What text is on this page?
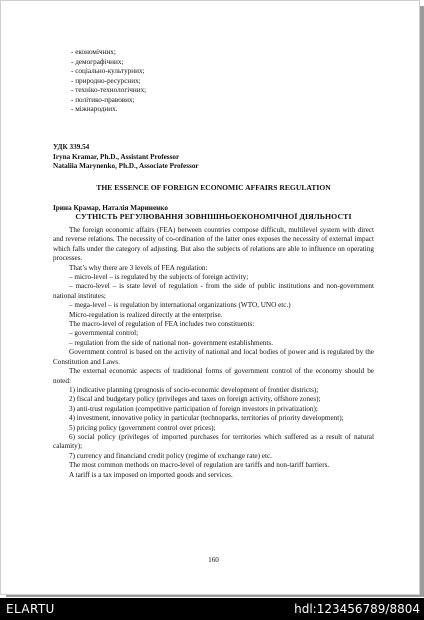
- економічних;
- демографічних;
- соціально-культурних;
- природно-ресурсних;
- техніко-технологічних;
- політико-правових;
- міжнародних.
УДК 339.54
Iryna Kramar, Ph.D., Assistant Professor
Nataliia Marynenko, Ph.D., Associate Professor
THE ESSENCE OF FOREIGN ECONOMIC AFFAIRS REGULATION
Ірина Крамар, Наталія Мариненко
СУТНІСТЬ РЕГУЛЮВАННЯ ЗОВНІШНЬОЕКОНОМІЧНОЇ ДІЯЛЬНОСТІ

The foreign economic affairs (FEA) between countries compose difficult, multilevel system with direct and reverse relations. The necessity of co-ordination of the latter ones exposes the necessity of external impact which falls under the category of adjusting. But also the subjects of relations are able to influence on operating processes.

That’s why there are 3 levels of FEA regulation:

– micro-level – is regulated by the subjects of foreign activity;

– macro-level – is state level of regulation - from the side of public institutions and non-government national institutes;

– mega-level – is regulation by international organizations (WTO, UNO etc.)

Micro-regulation is realized directly at the enterprise.

The macro-level of regulation of FEA includes two constituents:

– governmental control;

– regulation from the side of national non- government establishments.

Government control is based on the activity of national and local bodies of power and is regulated by the Constitution and Laws.

The external economic aspects of traditional forms of government control of the economy should be noted:

1) indicative planning (prognosis of socio-economic development of frontier districts);

2) fiscal and budgetary policy (privileges and taxes on foreign activity, offshore zones);

3) anti-trust regulation (competitive participation of foreign investors in privatization);

4) investment, innovative policy in particular (technoparks, territories of priority development);

5) pricing policy (government control over prices);

6) social policy (privileges of imported purchases for territories which suffered as a result of natural calamity);

7) currency and financiand credit policy (regime of exchange rate) etc.

The most common methods on macro-level of regulation are tariffs and non-tariff barriers.

A tariff is a tax imposed on imported goods and services.

160
ELARTU	hdl:123456789/8804
